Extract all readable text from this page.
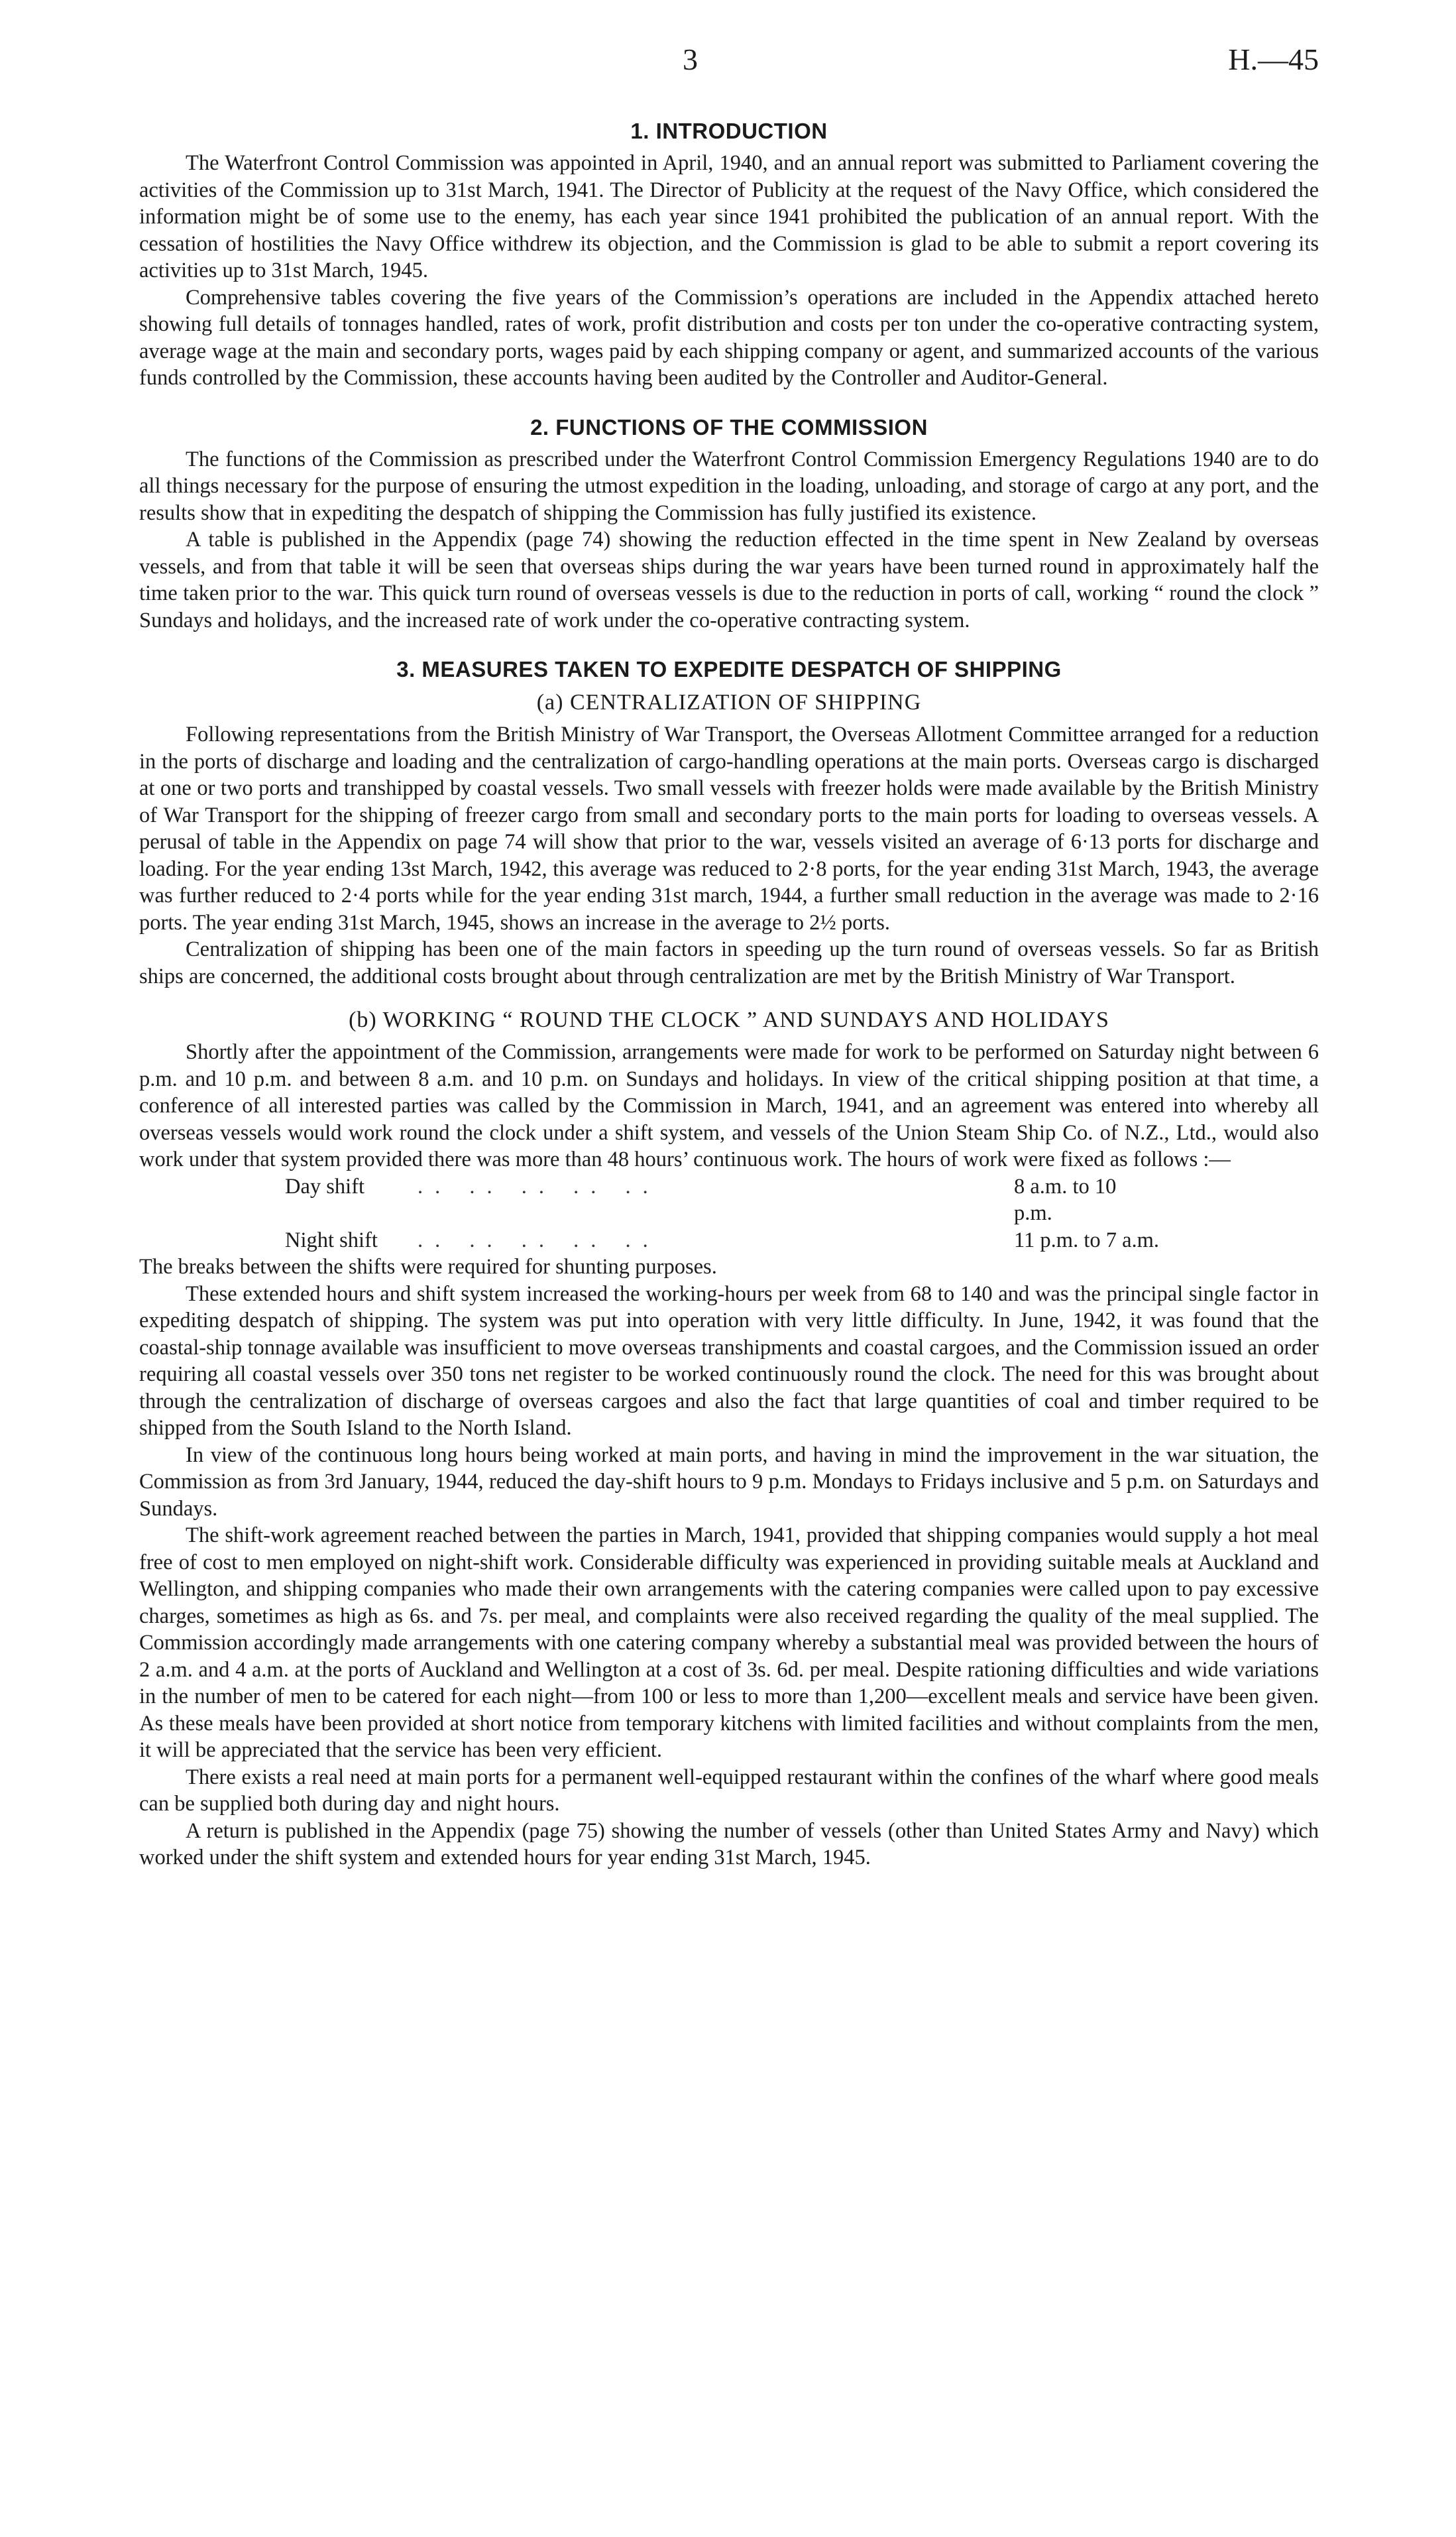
3	H.—45
1. INTRODUCTION

The Waterfront Control Commission was appointed in April, 1940, and an annual report was submitted to Parliament covering the activities of the Commission up to 31st March, 1941. The Director of Publicity at the request of the Navy Office, which considered the information might be of some use to the enemy, has each year since 1941 prohibited the publication of an annual report. With the cessation of hostilities the Navy Office withdrew its objection, and the Commission is glad to be able to submit a report covering its activities up to 31st March, 1945.

Comprehensive tables covering the five years of the Commission’s operations are included in the Appendix attached hereto showing full details of tonnages handled, rates of work, profit distribution and costs per ton under the co-operative contracting system, average wage at the main and secondary ports, wages paid by each shipping company or agent, and summarized accounts of the various funds controlled by the Commission, these accounts having been audited by the Controller and Auditor-General.

2. FUNCTIONS OF THE COMMISSION

The functions of the Commission as prescribed under the Waterfront Control Commission Emergency Regulations 1940 are to do all things necessary for the purpose of ensuring the utmost expedition in the loading, unloading, and storage of cargo at any port, and the results show that in expediting the despatch of shipping the Commission has fully justified its existence.

A table is published in the Appendix (page 74) showing the reduction effected in the time spent in New Zealand by overseas vessels, and from that table it will be seen that overseas ships during the war years have been turned round in approximately half the time taken prior to the war. This quick turn round of overseas vessels is due to the reduction in ports of call, working “ round the clock ” Sundays and holidays, and the increased rate of work under the co-operative contracting system.

3. MEASURES TAKEN TO EXPEDITE DESPATCH OF SHIPPING
(a) CENTRALIZATION OF SHIPPING

Following representations from the British Ministry of War Transport, the Overseas Allotment Committee arranged for a reduction in the ports of discharge and loading and the centralization of cargo-handling operations at the main ports. Overseas cargo is discharged at one or two ports and transhipped by coastal vessels. Two small vessels with freezer holds were made available by the British Ministry of War Transport for the shipping of freezer cargo from small and secondary ports to the main ports for loading to overseas vessels. A perusal of table in the Appendix on page 74 will show that prior to the war, vessels visited an average of 6·13 ports for discharge and loading. For the year ending 13st March, 1942, this average was reduced to 2·8 ports, for the year ending 31st March, 1943, the average was further reduced to 2·4 ports while for the year ending 31st march, 1944, a further small reduction in the average was made to 2·16 ports. The year ending 31st March, 1945, shows an increase in the average to 2½ ports.

Centralization of shipping has been one of the main factors in speeding up the turn round of overseas vessels. So far as British ships are concerned, the additional costs brought about through centralization are met by the British Ministry of War Transport.

(b) WORKING “ ROUND THE CLOCK ” AND SUNDAYS AND HOLIDAYS

Shortly after the appointment of the Commission, arrangements were made for work to be performed on Saturday night between 6 p.m. and 10 p.m. and between 8 a.m. and 10 p.m. on Sundays and holidays. In view of the critical shipping position at that time, a conference of all interested parties was called by the Commission in March, 1941, and an agreement was entered into whereby all overseas vessels would work round the clock under a shift system, and vessels of the Union Steam Ship Co. of N.Z., Ltd., would also work under that system provided there was more than 48 hours’ continuous work. The hours of work were fixed as follows :—

Day shift	.. .. .. .. ..	8 a.m. to 10 p.m.
Night shift	.. .. .. .. ..	11 p.m. to 7 a.m.

The breaks between the shifts were required for shunting purposes.

These extended hours and shift system increased the working-hours per week from 68 to 140 and was the principal single factor in expediting despatch of shipping. The system was put into operation with very little difficulty. In June, 1942, it was found that the coastal-ship tonnage available was insufficient to move overseas transhipments and coastal cargoes, and the Commission issued an order requiring all coastal vessels over 350 tons net register to be worked continuously round the clock. The need for this was brought about through the centralization of discharge of overseas cargoes and also the fact that large quantities of coal and timber required to be shipped from the South Island to the North Island.

In view of the continuous long hours being worked at main ports, and having in mind the improvement in the war situation, the Commission as from 3rd January, 1944, reduced the day-shift hours to 9 p.m. Mondays to Fridays inclusive and 5 p.m. on Saturdays and Sundays.

The shift-work agreement reached between the parties in March, 1941, provided that shipping companies would supply a hot meal free of cost to men employed on night-shift work. Considerable difficulty was experienced in providing suitable meals at Auckland and Wellington, and shipping companies who made their own arrangements with the catering companies were called upon to pay excessive charges, sometimes as high as 6s. and 7s. per meal, and complaints were also received regarding the quality of the meal supplied. The Commission accordingly made arrangements with one catering company whereby a substantial meal was provided between the hours of 2 a.m. and 4 a.m. at the ports of Auckland and Wellington at a cost of 3s. 6d. per meal. Despite rationing difficulties and wide variations in the number of men to be catered for each night—from 100 or less to more than 1,200—excellent meals and service have been given. As these meals have been provided at short notice from temporary kitchens with limited facilities and without complaints from the men, it will be appreciated that the service has been very efficient.

There exists a real need at main ports for a permanent well-equipped restaurant within the confines of the wharf where good meals can be supplied both during day and night hours.

A return is published in the Appendix (page 75) showing the number of vessels (other than United States Army and Navy) which worked under the shift system and extended hours for year ending 31st March, 1945.
